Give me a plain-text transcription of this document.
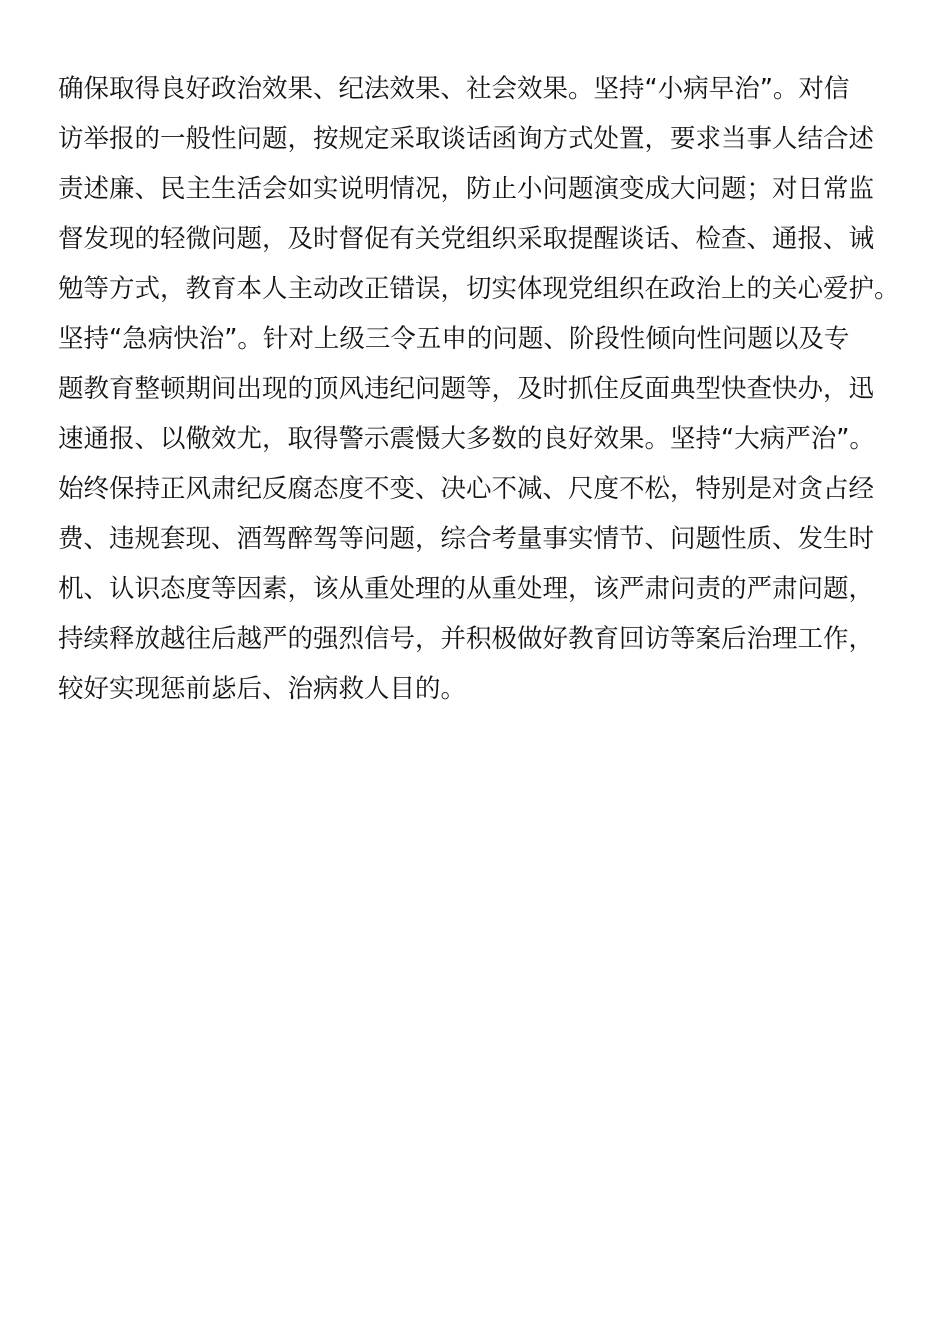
确保取得良好政治效果、纪法效果、社会效果。坚持“小病早治”。对信
访举报的一般性问题，按规定采取谈话函询方式处置，要求当事人结合述
责述廉、民主生活会如实说明情况，防止小问题演变成大问题；对日常监
督发现的轻微问题，及时督促有关党组织采取提醒谈话、检查、通报、诫
勉等方式，教育本人主动改正错误，切实体现党组织在政治上的关心爱护。
坚持“急病快治”。针对上级三令五申的问题、阶段性倾向性问题以及专
题教育整顿期间出现的顶风违纪问题等，及时抓住反面典型快查快办，迅
速通报、以儆效尤，取得警示震慑大多数的良好效果。坚持“大病严治”。
始终保持正风肃纪反腐态度不变、决心不减、尺度不松，特别是对贪占经
费、违规套现、酒驾醉驾等问题，综合考量事实情节、问题性质、发生时
机、认识态度等因素，该从重处理的从重处理，该严肃问责的严肃问题，
持续释放越往后越严的强烈信号，并积极做好教育回访等案后治理工作，
较好实现惩前毖后、治病救人目的。
